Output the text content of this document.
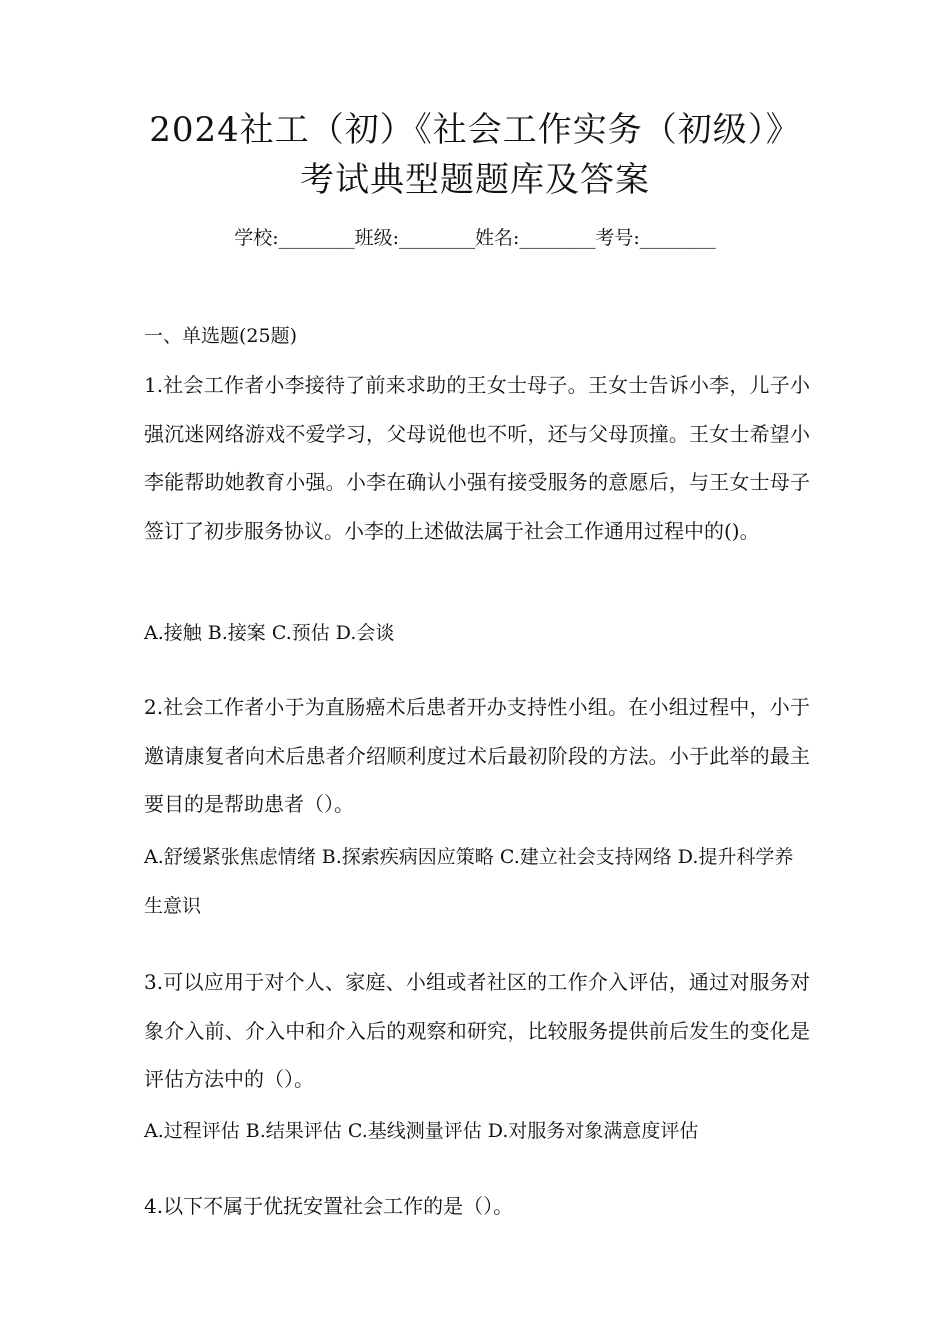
2024社工（初）《社会工作实务（初级）》
考试典型题题库及答案
学校:________班级:________姓名:________考号:________
一、单选题(25题)

1.社会工作者小李接待了前来求助的王女士母子。王女士告诉小李，儿子小强沉迷网络游戏不爱学习，父母说他也不听，还与父母顶撞。王女士希望小李能帮助她教育小强。小李在确认小强有接受服务的意愿后，与王女士母子签订了初步服务协议。小李的上述做法属于社会工作通用过程中的()。

A.接触 B.接案 C.预估 D.会谈

2.社会工作者小于为直肠癌术后患者开办支持性小组。在小组过程中，小于邀请康复者向术后患者介绍顺利度过术后最初阶段的方法。小于此举的最主要目的是帮助患者（）。

A.舒缓紧张焦虑情绪 B.探索疾病因应策略 C.建立社会支持网络 D.提升科学养生意识

3.可以应用于对个人、家庭、小组或者社区的工作介入评估，通过对服务对象介入前、介入中和介入后的观察和研究，比较服务提供前后发生的变化是评估方法中的（）。

A.过程评估 B.结果评估 C.基线测量评估 D.对服务对象满意度评估

4.以下不属于优抚安置社会工作的是（）。
